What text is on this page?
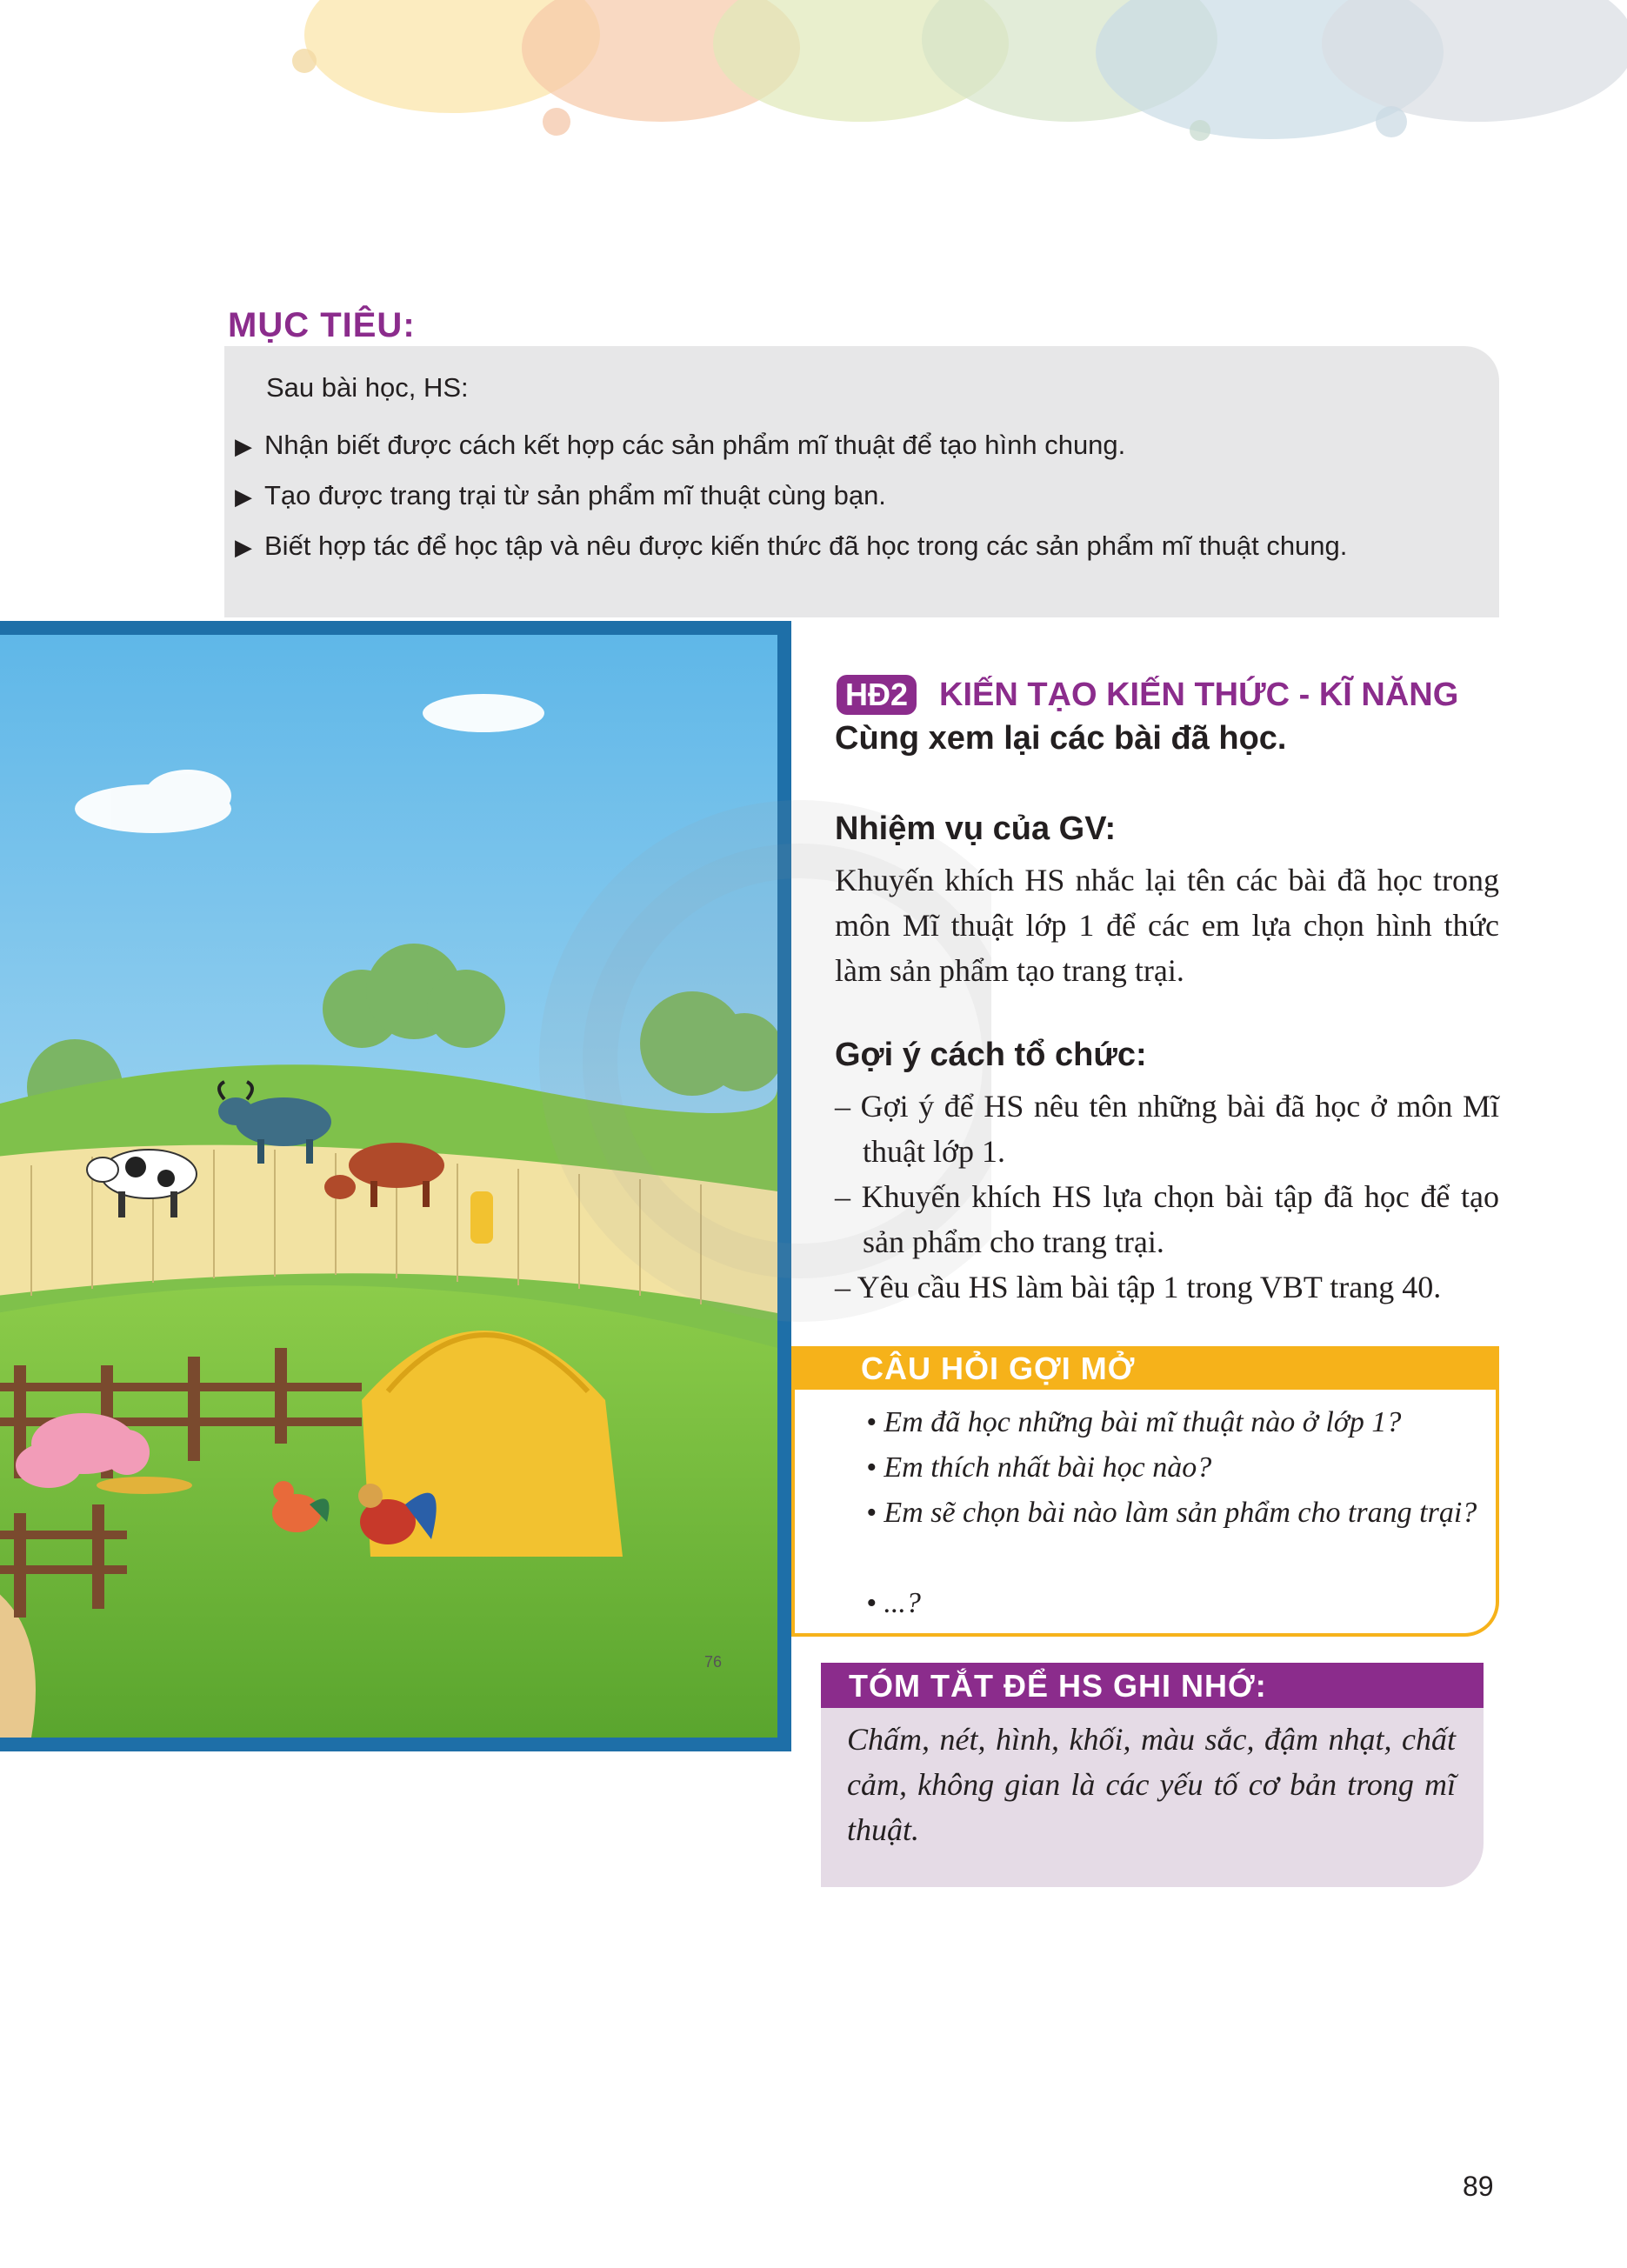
MỤC TIÊU:
Sau bài học, HS:
▶ Nhận biết được cách kết hợp các sản phẩm mĩ thuật để tạo hình chung.
▶ Tạo được trang trại từ sản phẩm mĩ thuật cùng bạn.
▶ Biết hợp tác để học tập và nêu được kiến thức đã học trong các sản phẩm mĩ thuật chung.
76
HĐ2 KIẾN TẠO KIẾN THỨC - KĨ NĂNG
Cùng xem lại các bài đã học.
Nhiệm vụ của GV:
Khuyến khích HS nhắc lại tên các bài đã học trong môn Mĩ thuật lớp 1 để các em lựa chọn hình thức làm sản phẩm tạo trang trại.
Gợi ý cách tổ chức:
– Gợi ý để HS nêu tên những bài đã học ở môn Mĩ thuật lớp 1.
– Khuyến khích HS lựa chọn bài tập đã học để tạo sản phẩm cho trang trại.
– Yêu cầu HS làm bài tập 1 trong VBT trang 40.
CÂU HỎI GỢI MỞ
• Em đã học những bài mĩ thuật nào ở lớp 1?
• Em thích nhất bài học nào?
• Em sẽ chọn bài nào làm sản phẩm cho trang trại?
• ...?
TÓM TẮT ĐỂ HS GHI NHỚ:
Chấm, nét, hình, khối, màu sắc, đậm nhạt, chất cảm, không gian là các yếu tố cơ bản trong mĩ thuật.
89
